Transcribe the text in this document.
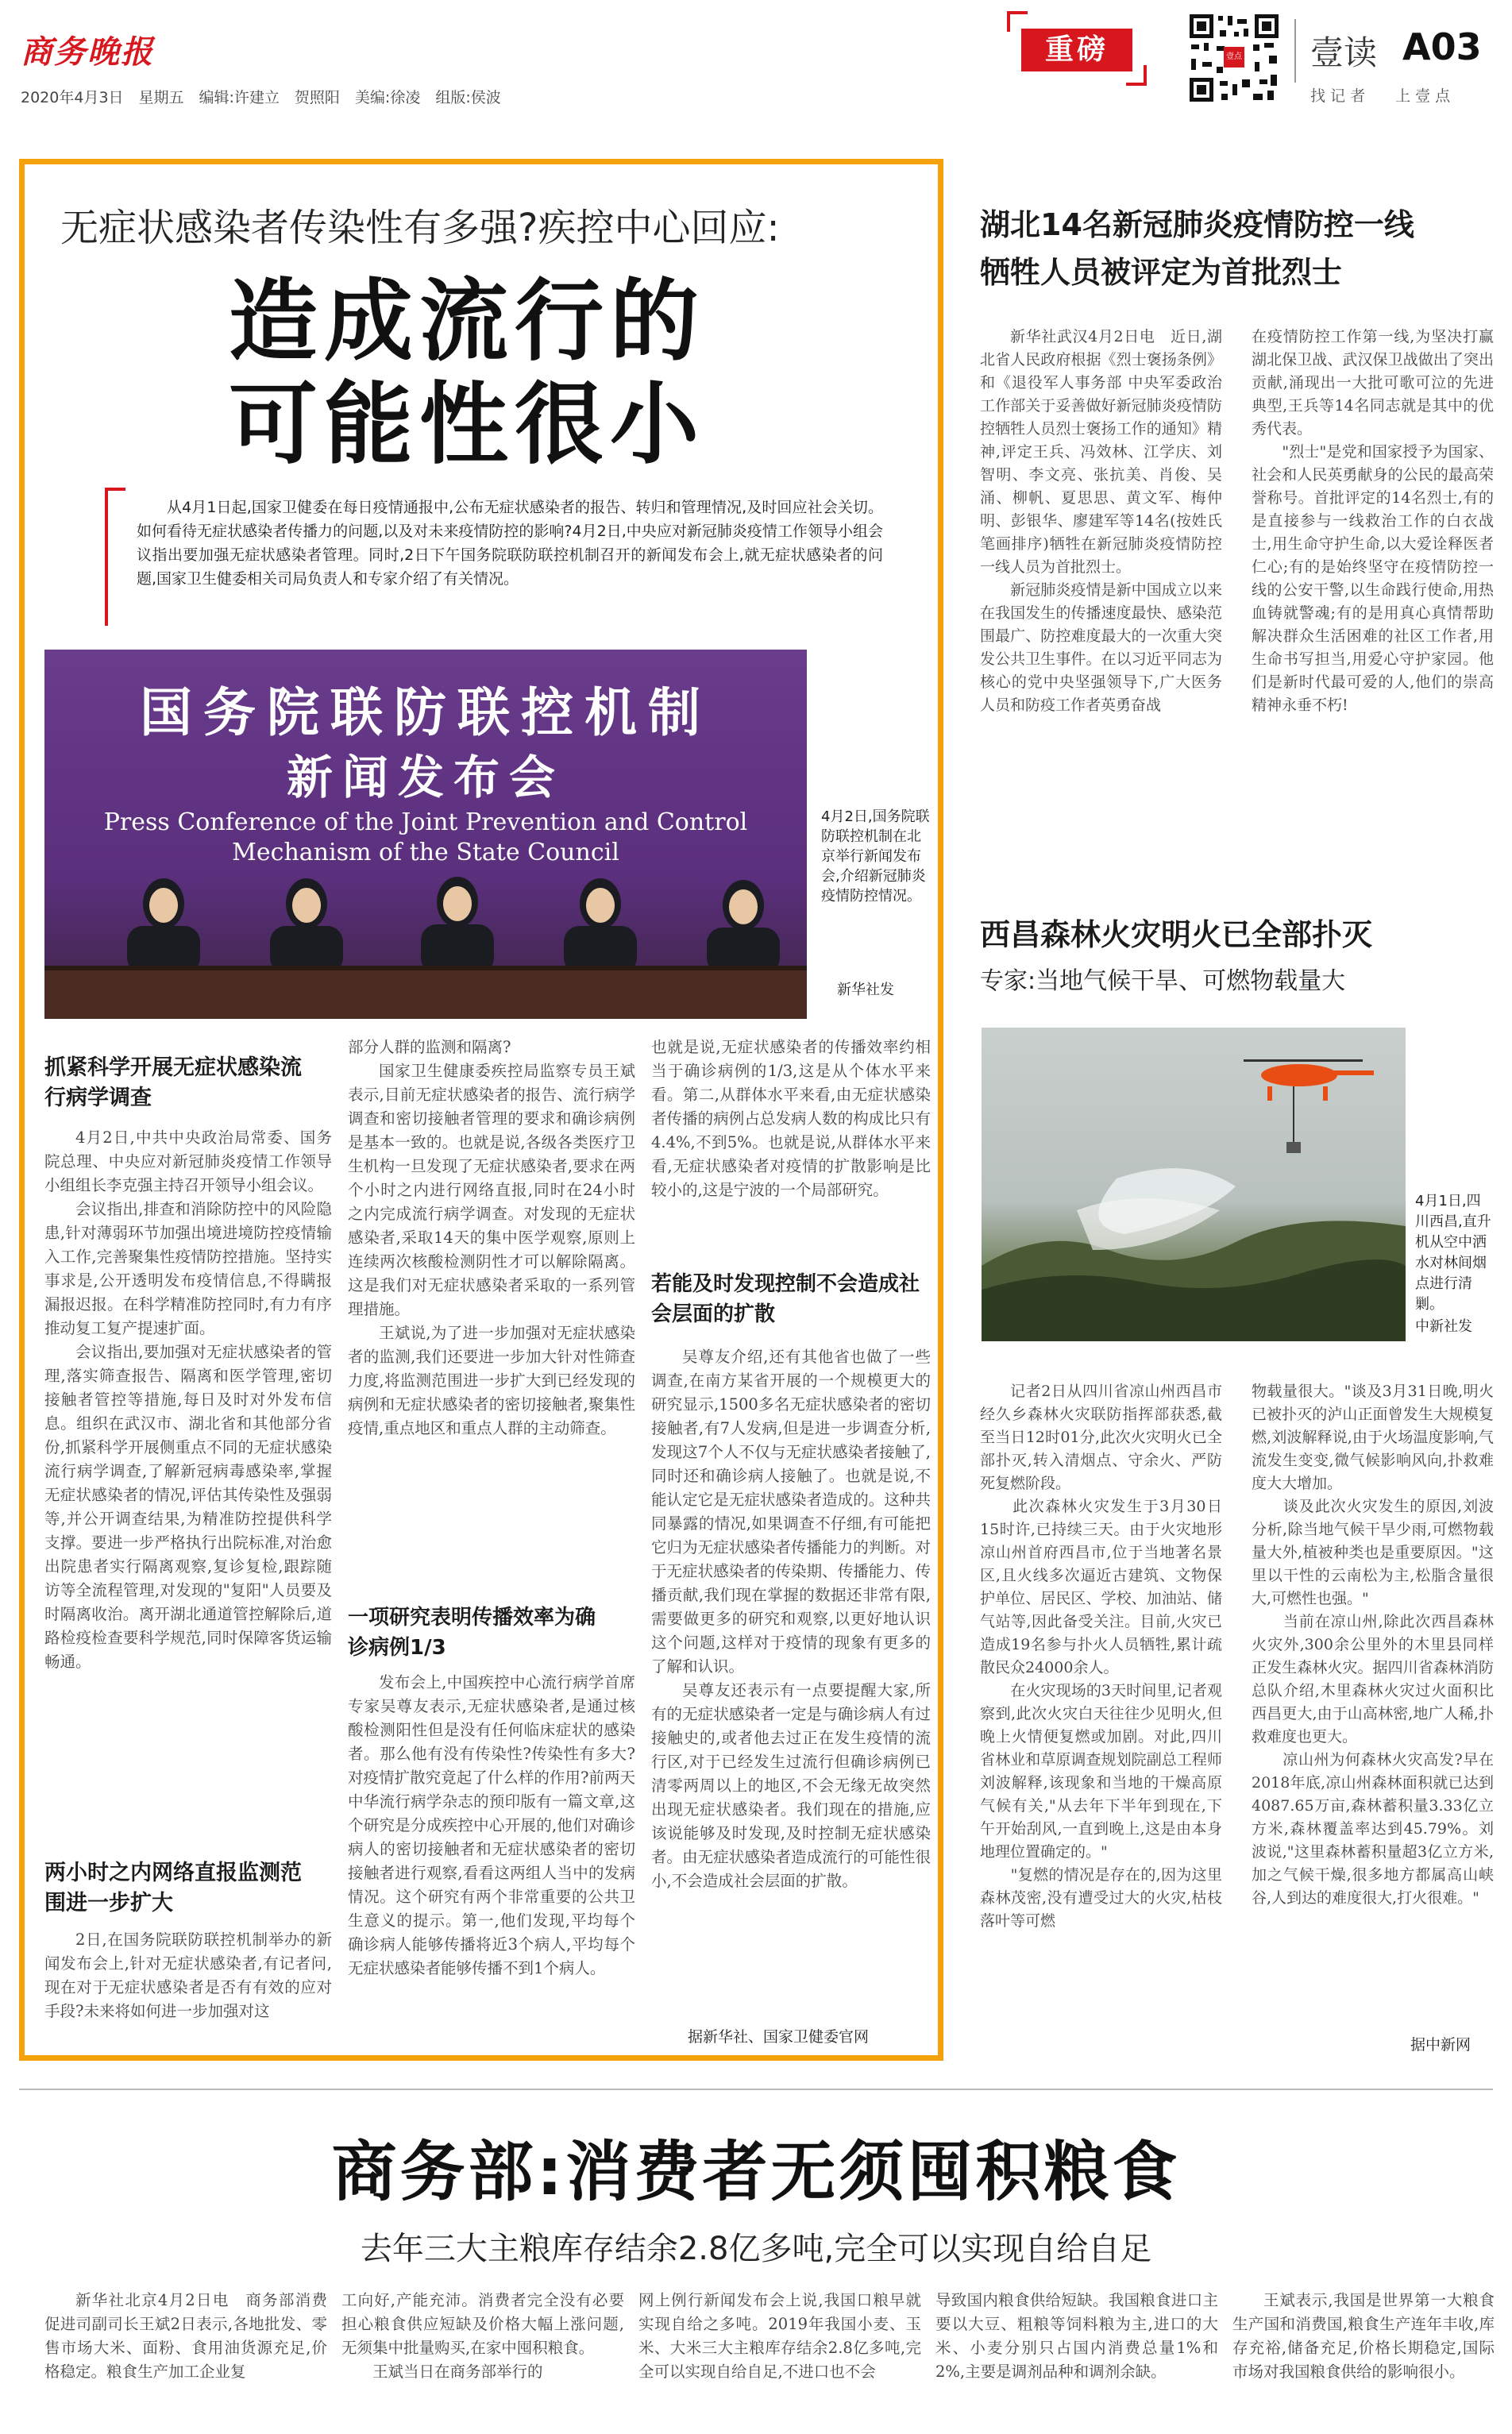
商务晚报
2020年4月3日　星期五　编辑:许建立　贺照阳　美编:徐凌　组版:侯波
重磅	壹点 壹读 A03
找 记 者　　上 壹 点
无症状感染者传染性有多强?疾控中心回应:
造成流行的
可能性很小
从4月1日起,国家卫健委在每日疫情通报中,公布无症状感染者的报告、转归和管理情况,及时回应社会关切。如何看待无症状感染者传播力的问题,以及对未来疫情防控的影响?4月2日,中央应对新冠肺炎疫情工作领导小组会议指出要加强无症状感染者管理。同时,2日下午国务院联防联控机制召开的新闻发布会上,就无症状感染者的问题,国家卫生健委相关司局负责人和专家介绍了有关情况。
国务院联防联控机制
新闻发布会
Press Conference of the Joint Prevention and Control
Mechanism of the State Council
4月2日,国务院联防联控机制在北京举行新闻发布会,介绍新冠肺炎疫情防控情况。
新华社发
抓紧科学开展无症状感染流行病学调查

4月2日,中共中央政治局常委、国务院总理、中央应对新冠肺炎疫情工作领导小组组长李克强主持召开领导小组会议。

会议指出,排查和消除防控中的风险隐患,针对薄弱环节加强出境进境防控疫情输入工作,完善聚集性疫情防控措施。坚持实事求是,公开透明发布疫情信息,不得瞒报漏报迟报。在科学精准防控同时,有力有序推动复工复产提速扩面。

会议指出,要加强对无症状感染者的管理,落实筛查报告、隔离和医学管理,密切接触者管控等措施,每日及时对外发布信息。组织在武汉市、湖北省和其他部分省份,抓紧科学开展侧重点不同的无症状感染流行病学调查,了解新冠病毒感染率,掌握无症状感染者的情况,评估其传染性及强弱等,并公开调查结果,为精准防控提供科学支撑。要进一步严格执行出院标准,对治愈出院患者实行隔离观察,复诊复检,跟踪随访等全流程管理,对发现的"复阳"人员要及时隔离收治。离开湖北通道管控解除后,道路检疫检查要科学规范,同时保障客货运输畅通。

两小时之内网络直报监测范围进一步扩大

2日,在国务院联防联控机制举办的新闻发布会上,针对无症状感染者,有记者问,现在对于无症状感染者是否有有效的应对手段?未来将如何进一步加强对这

部分人群的监测和隔离?

国家卫生健康委疾控局监察专员王斌表示,目前无症状感染者的报告、流行病学调查和密切接触者管理的要求和确诊病例是基本一致的。也就是说,各级各类医疗卫生机构一旦发现了无症状感染者,要求在两个小时之内进行网络直报,同时在24小时之内完成流行病学调查。对发现的无症状感染者,采取14天的集中医学观察,原则上连续两次核酸检测阴性才可以解除隔离。这是我们对无症状感染者采取的一系列管理措施。

王斌说,为了进一步加强对无症状感染者的监测,我们还要进一步加大针对性筛查力度,将监测范围进一步扩大到已经发现的病例和无症状感染者的密切接触者,聚集性疫情,重点地区和重点人群的主动筛查。

一项研究表明传播效率为确诊病例1/3

发布会上,中国疾控中心流行病学首席专家吴尊友表示,无症状感染者,是通过核酸检测阳性但是没有任何临床症状的感染者。那么他有没有传染性?传染性有多大?对疫情扩散究竟起了什么样的作用?前两天中华流行病学杂志的预印版有一篇文章,这个研究是分成疾控中心开展的,他们对确诊病人的密切接触者和无症状感染者的密切接触者进行观察,看看这两组人当中的发病情况。这个研究有两个非常重要的公共卫生意义的提示。第一,他们发现,平均每个确诊病人能够传播将近3个病人,平均每个无症状感染者能够传播不到1个病人。

也就是说,无症状感染者的传播效率约相当于确诊病例的1/3,这是从个体水平来看。第二,从群体水平来看,由无症状感染者传播的病例占总发病人数的构成比只有4.4%,不到5%。也就是说,从群体水平来看,无症状感染者对疫情的扩散影响是比较小的,这是宁波的一个局部研究。

若能及时发现控制不会造成社会层面的扩散

吴尊友介绍,还有其他省也做了一些调查,在南方某省开展的一个规模更大的研究显示,1500多名无症状感染者的密切接触者,有7人发病,但是进一步调查分析,发现这7个人不仅与无症状感染者接触了,同时还和确诊病人接触了。也就是说,不能认定它是无症状感染者造成的。这种共同暴露的情况,如果调查不仔细,有可能把它归为无症状感染者传播能力的判断。对于无症状感染者的传染期、传播能力、传播贡献,我们现在掌握的数据还非常有限,需要做更多的研究和观察,以更好地认识这个问题,这样对于疫情的现象有更多的了解和认识。

吴尊友还表示有一点要提醒大家,所有的无症状感染者一定是与确诊病人有过接触史的,或者他去过正在发生疫情的流行区,对于已经发生过流行但确诊病例已清零两周以上的地区,不会无缘无故突然出现无症状感染者。我们现在的措施,应该说能够及时发现,及时控制无症状感染者。由无症状感染者造成流行的可能性很小,不会造成社会层面的扩散。

据新华社、国家卫健委官网
湖北14名新冠肺炎疫情防控一线
牺牲人员被评定为首批烈士
新华社武汉4月2日电　近日,湖北省人民政府根据《烈士褒扬条例》和《退役军人事务部 中央军委政治工作部关于妥善做好新冠肺炎疫情防控牺牲人员烈士褒扬工作的通知》精神,评定王兵、冯效林、江学庆、刘智明、李文亮、张抗美、肖俊、吴涌、柳帆、夏思思、黄文军、梅仲明、彭银华、廖建军等14名(按姓氏笔画排序)牺牲在新冠肺炎疫情防控一线人员为首批烈士。
　　新冠肺炎疫情是新中国成立以来在我国发生的传播速度最快、感染范围最广、防控难度最大的一次重大突发公共卫生事件。在以习近平同志为核心的党中央坚强领导下,广大医务人员和防疫工作者英勇奋战
在疫情防控工作第一线,为坚决打赢湖北保卫战、武汉保卫战做出了突出贡献,涌现出一大批可歌可泣的先进典型,王兵等14名同志就是其中的优秀代表。
　　"烈士"是党和国家授予为国家、社会和人民英勇献身的公民的最高荣誉称号。首批评定的14名烈士,有的是直接参与一线救治工作的白衣战士,用生命守护生命,以大爱诠释医者仁心;有的是始终坚守在疫情防控一线的公安干警,以生命践行使命,用热血铸就警魂;有的是用真心真情帮助解决群众生活困难的社区工作者,用生命书写担当,用爱心守护家园。他们是新时代最可爱的人,他们的崇高精神永垂不朽!
西昌森林火灾明火已全部扑灭
专家:当地气候干旱、可燃物载量大
4月1日,四川西昌,直升机从空中洒水对林间烟点进行清剿。
中新社发
记者2日从四川省凉山州西昌市经久乡森林火灾联防指挥部获悉,截至当日12时01分,此次火灾明火已全部扑灭,转入清烟点、守余火、严防死复燃阶段。
　　此次森林火灾发生于3月30日15时许,已持续三天。由于火灾地形凉山州首府西昌市,位于当地著名景区,且火线多次逼近古建筑、文物保护单位、居民区、学校、加油站、储气站等,因此备受关注。目前,火灾已造成19名参与扑火人员牺牲,累计疏散民众24000余人。
　　在火灾现场的3天时间里,记者观察到,此次火灾白天往往少见明火,但晚上火情便复燃或加剧。对此,四川省林业和草原调查规划院副总工程师刘波解释,该现象和当地的干燥高原气候有关,"从去年下半年到现在,下午开始刮风,一直到晚上,这是由本身地理位置确定的。"
　　"复燃的情况是存在的,因为这里森林茂密,没有遭受过大的火灾,枯枝落叶等可燃
物载量很大。"谈及3月31日晚,明火已被扑灭的泸山正面曾发生大规模复燃,刘波解释说,由于火场温度影响,气流发生变变,微气候影响风向,扑救难度大大增加。
　　谈及此次火灾发生的原因,刘波分析,除当地气候干旱少雨,可燃物载量大外,植被种类也是重要原因。"这里以干性的云南松为主,松脂含量很大,可燃性也强。"
　　当前在凉山州,除此次西昌森林火灾外,300余公里外的木里县同样正发生森林火灾。据四川省森林消防总队介绍,木里森林火灾过火面积比西昌更大,由于山高林密,地广人稀,扑救难度也更大。
　　凉山州为何森林火灾高发?早在2018年底,凉山州森林面积就已达到4087.65万亩,森林蓄积量3.33亿立方米,森林覆盖率达到45.79%。刘波说,"这里森林蓄积量超3亿立方米,加之气候干燥,很多地方都属高山峡谷,人到达的难度很大,打火很难。"
据中新网
商务部:消费者无须囤积粮食
去年三大主粮库存结余2.8亿多吨,完全可以实现自给自足
新华社北京4月2日电　商务部消费促进司副司长王斌2日表示,各地批发、零售市场大米、面粉、食用油货源充足,价格稳定。粮食生产加工企业复
工向好,产能充沛。消费者完全没有必要担心粮食供应短缺及价格大幅上涨问题,无须集中批量购买,在家中囤积粮食。
　　王斌当日在商务部举行的
网上例行新闻发布会上说,我国口粮早就实现自给之多吨。2019年我国小麦、玉米、大米三大主粮库存结余2.8亿多吨,完全可以实现自给自足,不进口也不会
导致国内粮食供给短缺。我国粮食进口主要以大豆、粗粮等饲料粮为主,进口的大米、小麦分别只占国内消费总量1%和2%,主要是调剂品种和调剂余缺。
王斌表示,我国是世界第一大粮食生产国和消费国,粮食生产连年丰收,库存充裕,储备充足,价格长期稳定,国际市场对我国粮食供给的影响很小。
